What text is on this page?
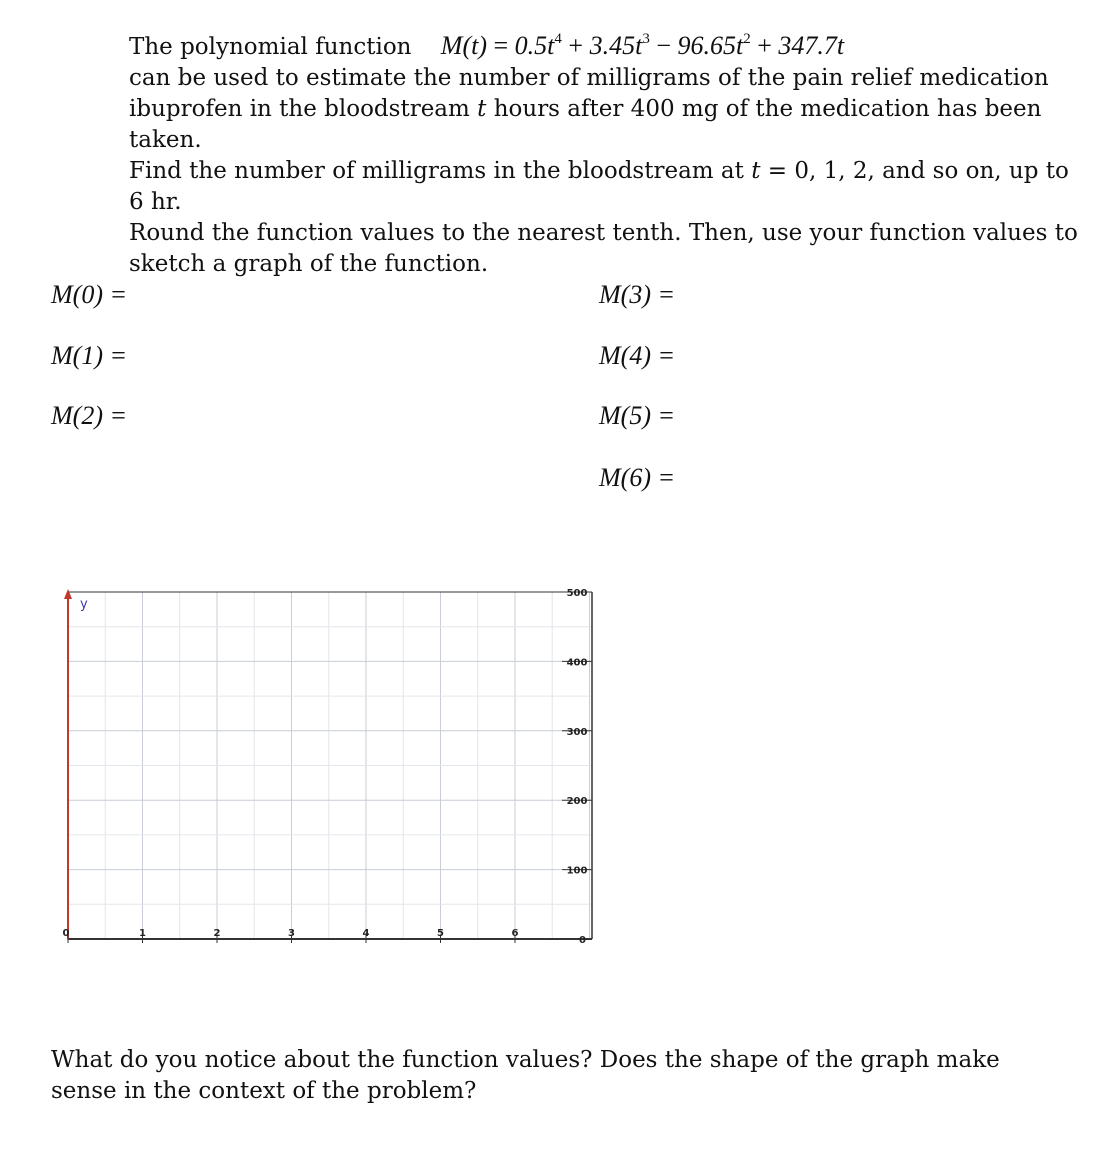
The polynomial function $M(t) = 0.5t^4 + 3.45t^3 - 96.65t^2 + 347.7t$

can be used to estimate the number of milligrams of the pain relief medication

ibuprofen in the bloodstream t hours after 400 mg of the medication has been taken.

Find the number of milligrams in the bloodstream at t = 0, 1, 2, and so on, up to 6 hr.

Round the function values to the nearest tenth. Then, use your function values to

sketch a graph of the function.

M(0) =
M(1) =
M(2) =
M(3) =
M(4) =
M(5) =
M(6) =
y
0	1	2	3	4	5	6
500
400
300
200
100
0

What do you notice about the function values? Does the shape of the graph make sense in the context of the problem?
